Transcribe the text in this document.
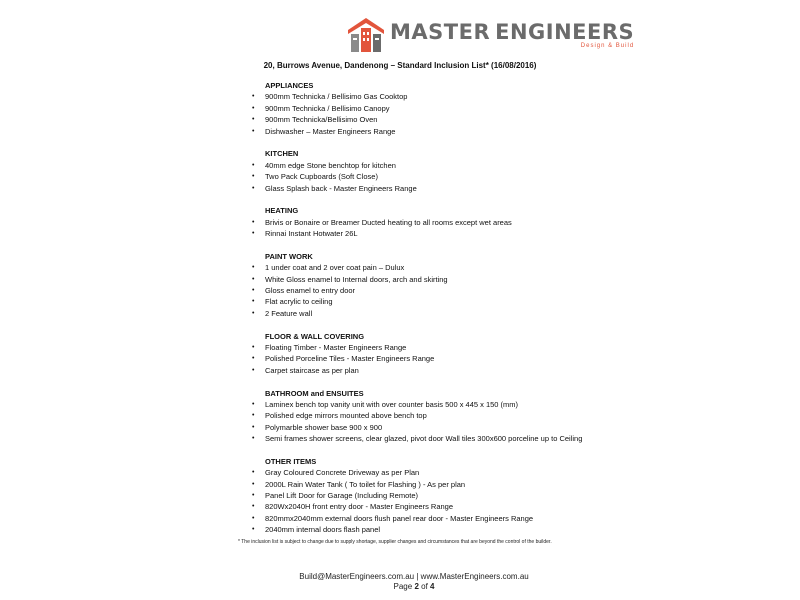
MASTER ENGINEERS
Design & Build
20, Burrows Avenue, Dandenong – Standard Inclusion List* (16/08/2016)
APPLIANCES
•	900mm Technicka / Bellisimo Gas Cooktop
•	900mm Technicka / Bellisimo Canopy
•	900mm Technicka/Bellisimo Oven
•	Dishwasher – Master Engineers Range
KITCHEN
•	40mm edge Stone benchtop for kitchen
•	Two Pack Cupboards (Soft Close)
•	Glass Splash back - Master Engineers Range
HEATING
•	Brivis or Bonaire or Breamer Ducted heating to all rooms except wet areas
•	Rinnai Instant Hotwater 26L
PAINT WORK
•	1 under coat and 2 over coat pain – Dulux
•	White Gloss enamel to Internal doors, arch and skirting
•	Gloss enamel to entry door
•	Flat acrylic to ceiling
•	2 Feature wall
FLOOR & WALL COVERING
•	Floating Timber - Master Engineers Range
•	Polished Porceline Tiles - Master Engineers Range
•	Carpet staircase as per plan
BATHROOM and ENSUITES
•	Laminex bench top vanity unit with over counter basis 500 x 445 x 150 (mm)
•	Polished edge mirrors mounted above bench top
•	Polymarble shower base 900 x 900
•	Semi frames shower screens, clear glazed, pivot door Wall tiles 300x600 porceline up to Ceiling
OTHER ITEMS
•	Gray Coloured Concrete Driveway as per Plan
•	2000L Rain Water Tank ( To toilet for Flashing ) - As per plan
•	Panel Lift Door for Garage (Including Remote)
•	820Wx2040H front entry door - Master Engineers Range
•	820mmx2040mm external doors flush panel rear door - Master Engineers Range
•	2040mm internal doors flash panel
* The inclusion list is subject to change due to supply shortage, supplier changes and circumstances that are beyond the control of the builder.
Build@MasterEngineers.com.au | www.MasterEngineers.com.au
Page 2 of 4
